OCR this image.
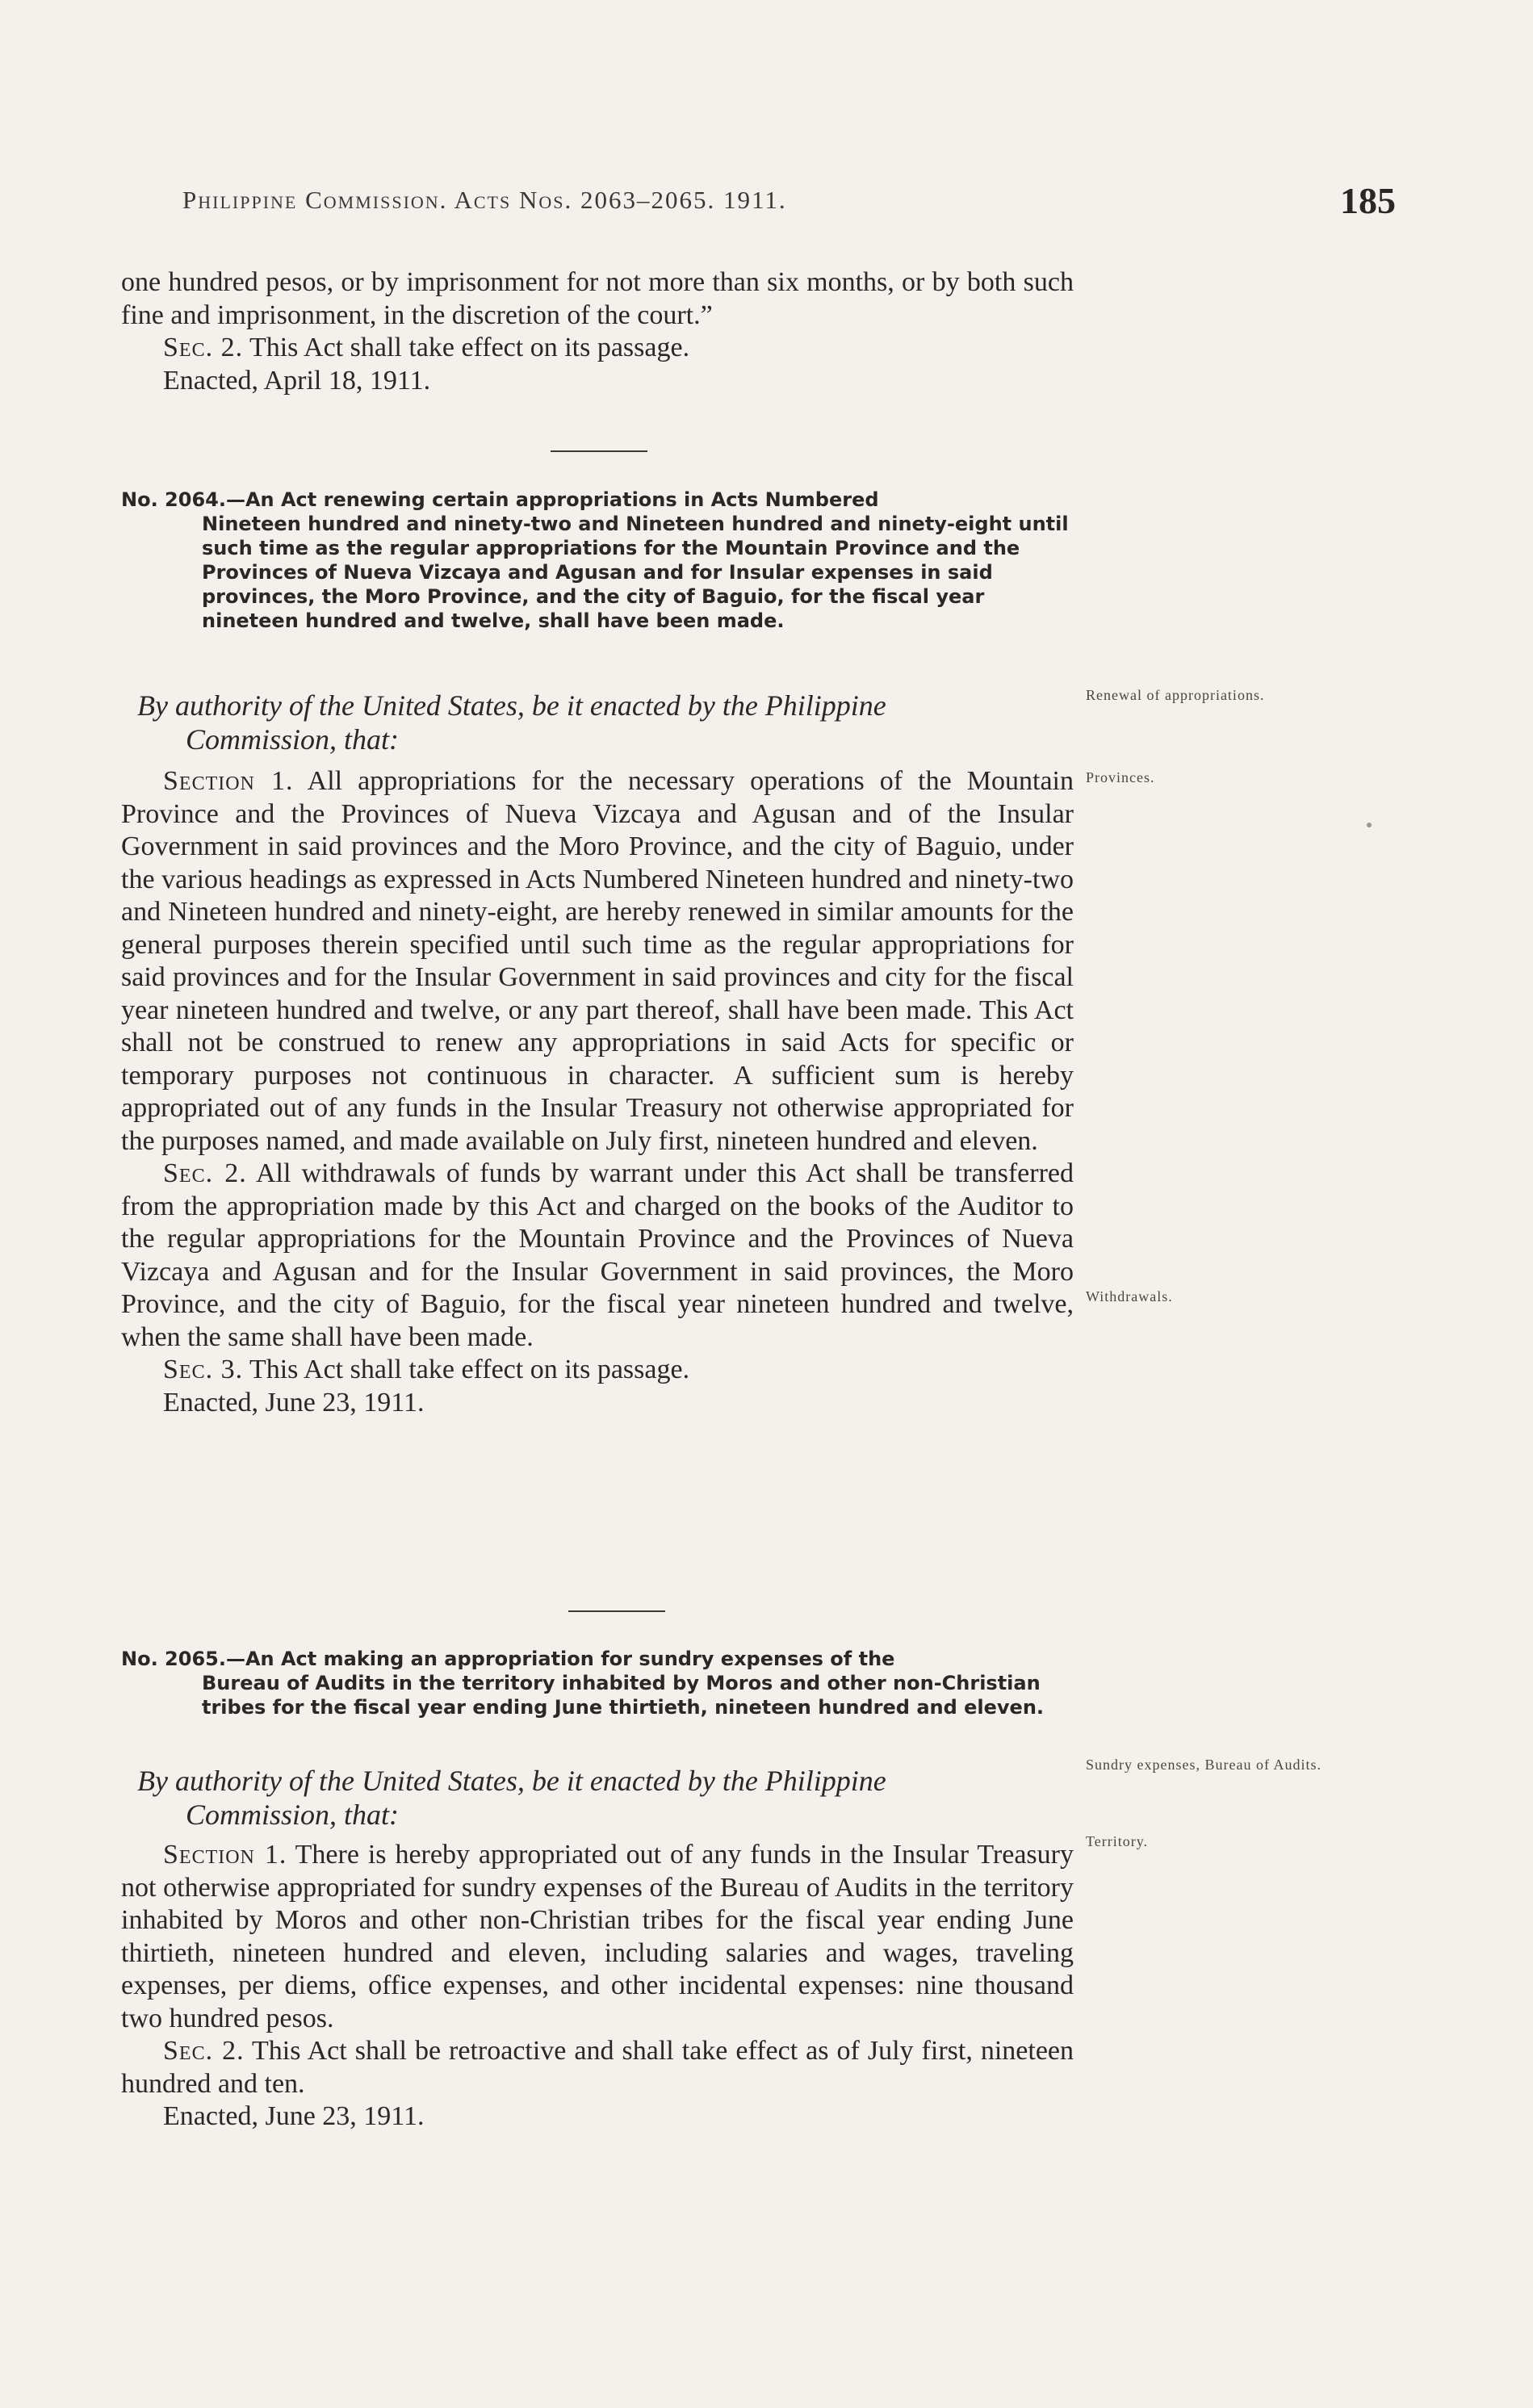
Philippine Commission. Acts Nos. 2063–2065. 1911.	185
one hundred pesos, or by imprisonment for not more than six months, or by both such fine and imprisonment, in the discretion of the court.”
Sec. 2. This Act shall take effect on its passage.
Enacted, April 18, 1911.
No. 2064.—An Act renewing certain appropriations in Acts Numbered
Nineteen hundred and ninety-two and Nineteen hundred and ninety-eight until such time as the regular appropriations for the Mountain Province and the Provinces of Nueva Vizcaya and Agusan and for Insular expenses in said provinces, the Moro Province, and the city of Baguio, for the fiscal year nineteen hundred and twelve, shall have been made.
By authority of the United States, be it enacted by the Philippine
Commission, that:
Section 1. All appropriations for the necessary operations of the Mountain Province and the Provinces of Nueva Vizcaya and Agusan and of the Insular Government in said provinces and the Moro Province, and the city of Baguio, under the various headings as expressed in Acts Numbered Nineteen hundred and ninety-two and Nineteen hundred and ninety-eight, are hereby renewed in similar amounts for the general purposes therein specified until such time as the regular appropriations for said provinces and for the Insular Government in said provinces and city for the fiscal year nineteen hundred and twelve, or any part thereof, shall have been made. This Act shall not be construed to renew any appropriations in said Acts for specific or temporary purposes not continuous in character. A sufficient sum is hereby appropriated out of any funds in the Insular Treasury not otherwise appropriated for the purposes named, and made available on July first, nineteen hundred and eleven.
Sec. 2. All withdrawals of funds by warrant under this Act shall be transferred from the appropriation made by this Act and charged on the books of the Auditor to the regular appropriations for the Mountain Province and the Provinces of Nueva Vizcaya and Agusan and for the Insular Government in said provinces, the Moro Province, and the city of Baguio, for the fiscal year nineteen hundred and twelve, when the same shall have been made.
Sec. 3. This Act shall take effect on its passage.
Enacted, June 23, 1911.
Renewal of appropriations.
Provinces.
Withdrawals.
No. 2065.—An Act making an appropriation for sundry expenses of the
Bureau of Audits in the territory inhabited by Moros and other non-Christian tribes for the fiscal year ending June thirtieth, nineteen hundred and eleven.
By authority of the United States, be it enacted by the Philippine
Commission, that:
Section 1. There is hereby appropriated out of any funds in the Insular Treasury not otherwise appropriated for sundry expenses of the Bureau of Audits in the territory inhabited by Moros and other non-Christian tribes for the fiscal year ending June thirtieth, nineteen hundred and eleven, including salaries and wages, traveling expenses, per diems, office expenses, and other incidental expenses: nine thousand two hundred pesos.
Sec. 2. This Act shall be retroactive and shall take effect as of July first, nineteen hundred and ten.
Enacted, June 23, 1911.
Sundry expenses, Bureau of Audits.
Territory.
